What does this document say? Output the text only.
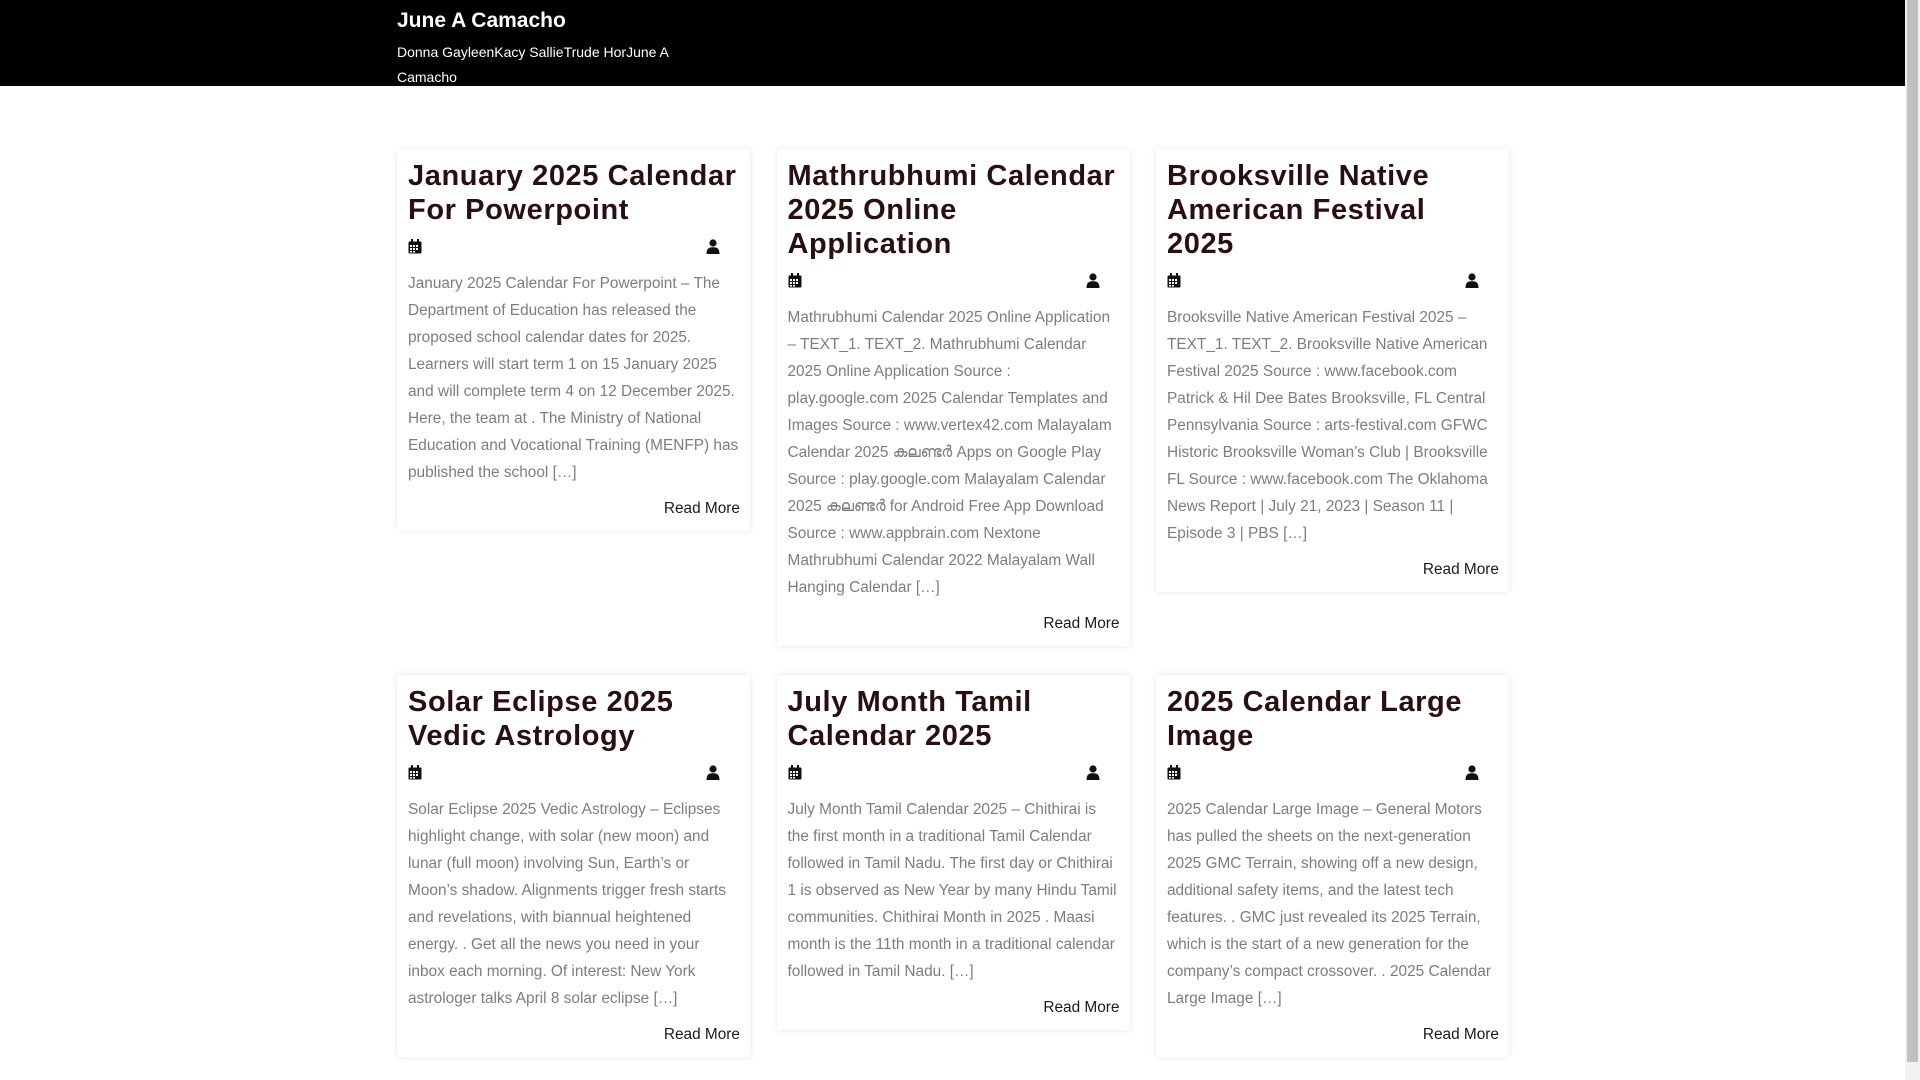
June A Camacho
Donna GayleenKacy SallieTrude HorJune A Camacho
January 2025 Calendar For Powerpoint
January 2025 Calendar For Powerpoint – The Department of Education has released the proposed school calendar dates for 2025. Learners will start term 1 on 15 January 2025 and will complete term 4 on 12 December 2025. Here, the team at . The Ministry of National Education and Vocational Training (MENFP) has published the school […]
Read More
Mathrubhumi Calendar 2025 Online Application
Mathrubhumi Calendar 2025 Online Application – TEXT_1. TEXT_2. Mathrubhumi Calendar 2025 Online Application Source : play.google.com 2025 Calendar Templates and Images Source : www.vertex42.com Malayalam Calendar 2025 കലണ്ടർ Apps on Google Play Source : play.google.com Malayalam Calendar 2025 കലണ്ടർ for Android Free App Download Source : www.appbrain.com Nextone Mathrubhumi Calendar 2022 Malayalam Wall Hanging Calendar […]
Read More
Brooksville Native American Festival 2025
Brooksville Native American Festival 2025 – TEXT_1. TEXT_2. Brooksville Native American Festival 2025 Source : www.facebook.com Patrick & Hil Dee Bates Brooksville, FL Central Pennsylvania Source : arts-festival.com GFWC Historic Brooksville Woman’s Club | Brooksville FL Source : www.facebook.com The Oklahoma News Report | July 21, 2023 | Season 11 | Episode 3 | PBS […]
Read More
Solar Eclipse 2025 Vedic Astrology
Solar Eclipse 2025 Vedic Astrology – Eclipses highlight change, with solar (new moon) and lunar (full moon) involving Sun, Earth’s or Moon’s shadow. Alignments trigger fresh starts and revelations, with biannual heightened energy. . Get all the news you need in your inbox each morning. Of interest: New York astrologer talks April 8 solar eclipse […]
Read More
July Month Tamil Calendar 2025
July Month Tamil Calendar 2025 – Chithirai is the first month in a traditional Tamil Calendar followed in Tamil Nadu. The first day or Chithirai 1 is observed as New Year by many Hindu Tamil communities. Chithirai Month in 2025 . Maasi month is the 11th month in a traditional calendar followed in Tamil Nadu. […]
Read More
2025 Calendar Large Image
2025 Calendar Large Image – General Motors has pulled the sheets on the next-generation 2025 GMC Terrain, showing off a new design, additional safety items, and the latest tech features. . GMC just revealed its 2025 Terrain, which is the start of a new generation for the company’s compact crossover. . 2025 Calendar Large Image […]
Read More
